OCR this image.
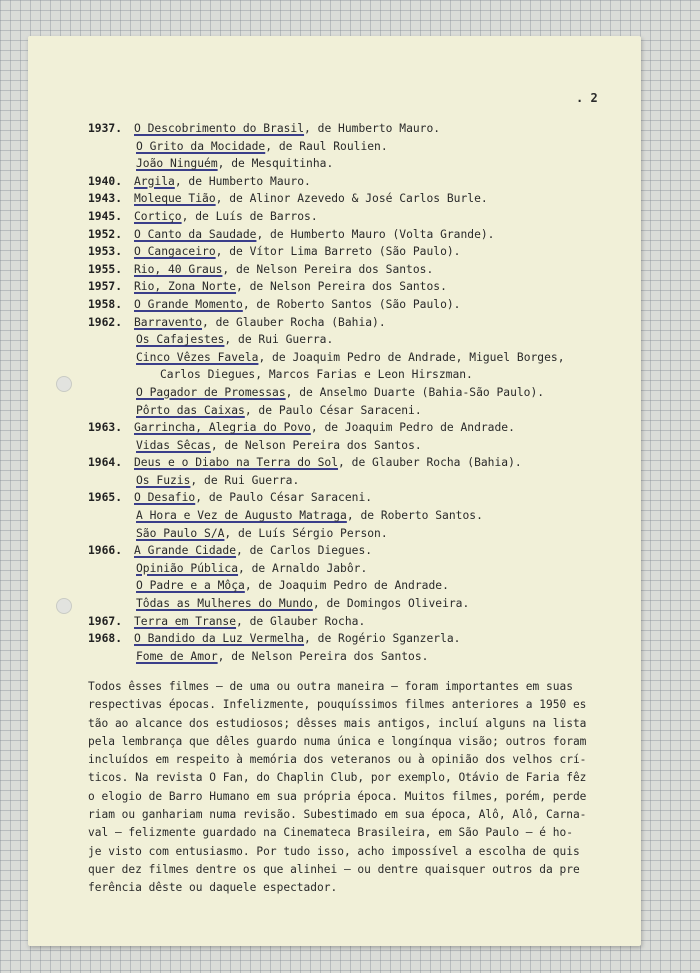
. 2
1937. O Descobrimento do Brasil, de Humberto Mauro.
O Grito da Mocidade, de Raul Roulien.
João Ninguém, de Mesquitinha.
1940. Argila, de Humberto Mauro.
1943. Moleque Tião, de Alinor Azevedo & José Carlos Burle.
1945. Cortiço, de Luís de Barros.
1952. O Canto da Saudade, de Humberto Mauro (Volta Grande).
1953. O Cangaceiro, de Vítor Lima Barreto (São Paulo).
1955. Rio, 40 Graus, de Nelson Pereira dos Santos.
1957. Rio, Zona Norte, de Nelson Pereira dos Santos.
1958. O Grande Momento, de Roberto Santos (São Paulo).
1962. Barravento, de Glauber Rocha (Bahia).
Os Cafajestes, de Rui Guerra.
Cinco Vêzes Favela, de Joaquim Pedro de Andrade, Miguel Borges,
Carlos Diegues, Marcos Farias e Leon Hirszman.
O Pagador de Promessas, de Anselmo Duarte (Bahia-São Paulo).
Pôrto das Caixas, de Paulo César Saraceni.
1963. Garrincha, Alegria do Povo, de Joaquim Pedro de Andrade.
Vidas Sêcas, de Nelson Pereira dos Santos.
1964. Deus e o Diabo na Terra do Sol, de Glauber Rocha (Bahia).
Os Fuzis, de Rui Guerra.
1965. O Desafio, de Paulo César Saraceni.
A Hora e Vez de Augusto Matraga, de Roberto Santos.
São Paulo S/A, de Luís Sérgio Person.
1966. A Grande Cidade, de Carlos Diegues.
Opinião Pública, de Arnaldo Jabôr.
O Padre e a Môça, de Joaquim Pedro de Andrade.
Tôdas as Mulheres do Mundo, de Domingos Oliveira.
1967. Terra em Transe, de Glauber Rocha.
1968. O Bandido da Luz Vermelha, de Rogério Sganzerla.
Fome de Amor, de Nelson Pereira dos Santos.
Todos êsses filmes — de uma ou outra maneira — foram importantes em suas
respectivas épocas. Infelizmente, pouquíssimos filmes anteriores a 1950 es
tão ao alcance dos estudiosos; dêsses mais antigos, incluí alguns na lista
pela lembrança que dêles guardo numa única e longínqua visão; outros foram
incluídos em respeito à memória dos veteranos ou à opinião dos velhos crí-
ticos. Na revista O Fan, do Chaplin Club, por exemplo, Otávio de Faria fêz
o elogio de Barro Humano em sua própria época. Muitos filmes, porém, perde
riam ou ganhariam numa revisão. Subestimado em sua época, Alô, Alô, Carna-
val — felizmente guardado na Cinemateca Brasileira, em São Paulo — é ho-
je visto com entusiasmo. Por tudo isso, acho impossível a escolha de quis
quer dez filmes dentre os que alinhei — ou dentre quaisquer outros da pre
ferência dêste ou daquele espectador.
